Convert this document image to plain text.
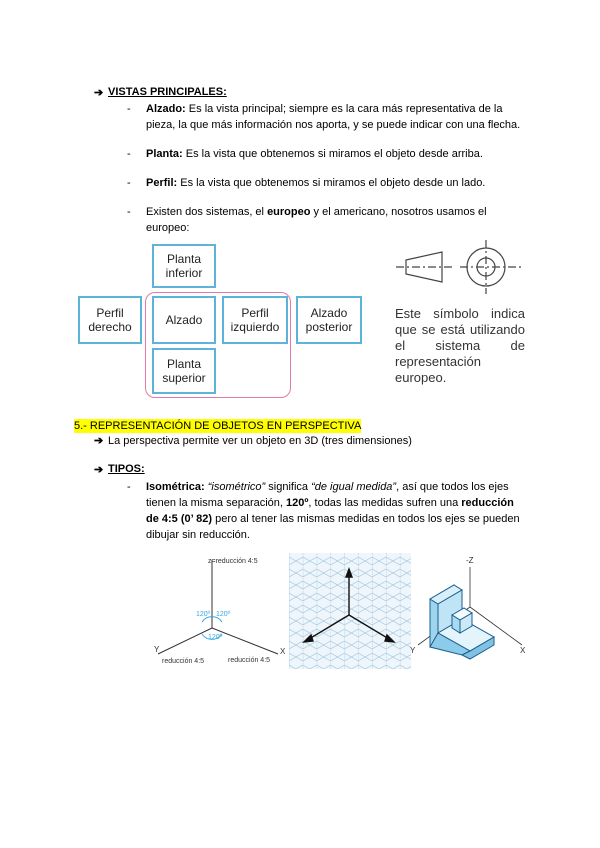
➔ VISTAS PRINCIPALES:
- Alzado: Es la vista principal; siempre es la cara más representativa de la
pieza, la que más información nos aporta, y se puede indicar con una flecha.
- Planta: Es la vista que obtenemos si miramos el objeto desde arriba.
- Perfil: Es la vista que obtenemos si miramos el objeto desde un lado.
- Existen dos sistemas, el europeo y el americano, nosotros usamos el
europeo:
Planta inferior
Perfil derecho	Alzado	Perfil izquierdo
Alzado posterior
Planta superior
Este símbolo indica que se está utilizando el sistema de representación europeo.
5.- REPRESENTACIÓN DE OBJETOS EN PERSPECTIVA
➔ La perspectiva permite ver un objeto en 3D (tres dimensiones)
➔ TIPOS:
- Isométrica: “isométrico” significa “de igual medida”, así que todos los ejes
tienen la misma separación, 120º, todas las medidas sufren una reducción
de 4:5 (0’ 82) pero al tener las mismas medidas en todos los ejes se pueden
dibujar sin reducción.
z=reducción 4:5
120º 120º
120º
Y	X
reducción 4:5	reducción 4:5
-Z
Y	X
